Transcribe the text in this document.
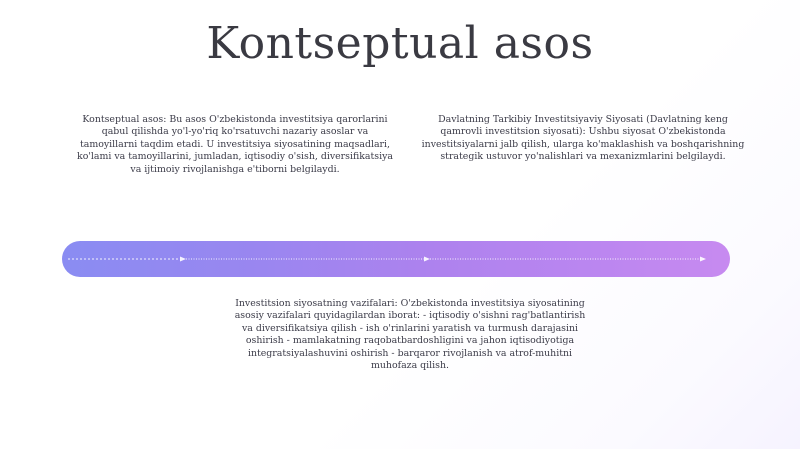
Kontseptual asos

Kontseptual asos: Bu asos O'zbekistonda investitsiya qarorlarini qabul qilishda yo'l-yo'riq ko'rsatuvchi nazariy asoslar va tamoyillarni taqdim etadi. U investitsiya siyosatining maqsadlari, ko'lami va tamoyillarini, jumladan, iqtisodiy o'sish, diversifikatsiya va ijtimoiy rivojlanishga e'tiborni belgilaydi.

Davlatning Tarkibiy Investitsiyaviy Siyosati (Davlatning keng qamrovli investitsion siyosati): Ushbu siyosat O'zbekistonda investitsiyalarni jalb qilish, ularga ko'maklashish va boshqarishning strategik ustuvor yo'nalishlari va mexanizmlarini belgilaydi.

Investitsion siyosatning vazifalari: O'zbekistonda investitsiya siyosatining asosiy vazifalari quyidagilardan iborat: - iqtisodiy o'sishni rag'batlantirish va diversifikatsiya qilish - ish o'rinlarini yaratish va turmush darajasini oshirish - mamlakatning raqobatbardoshligini va jahon iqtisodiyotiga integratsiyalashuvini oshirish - barqaror rivojlanish va atrof-muhitni muhofaza qilish.
